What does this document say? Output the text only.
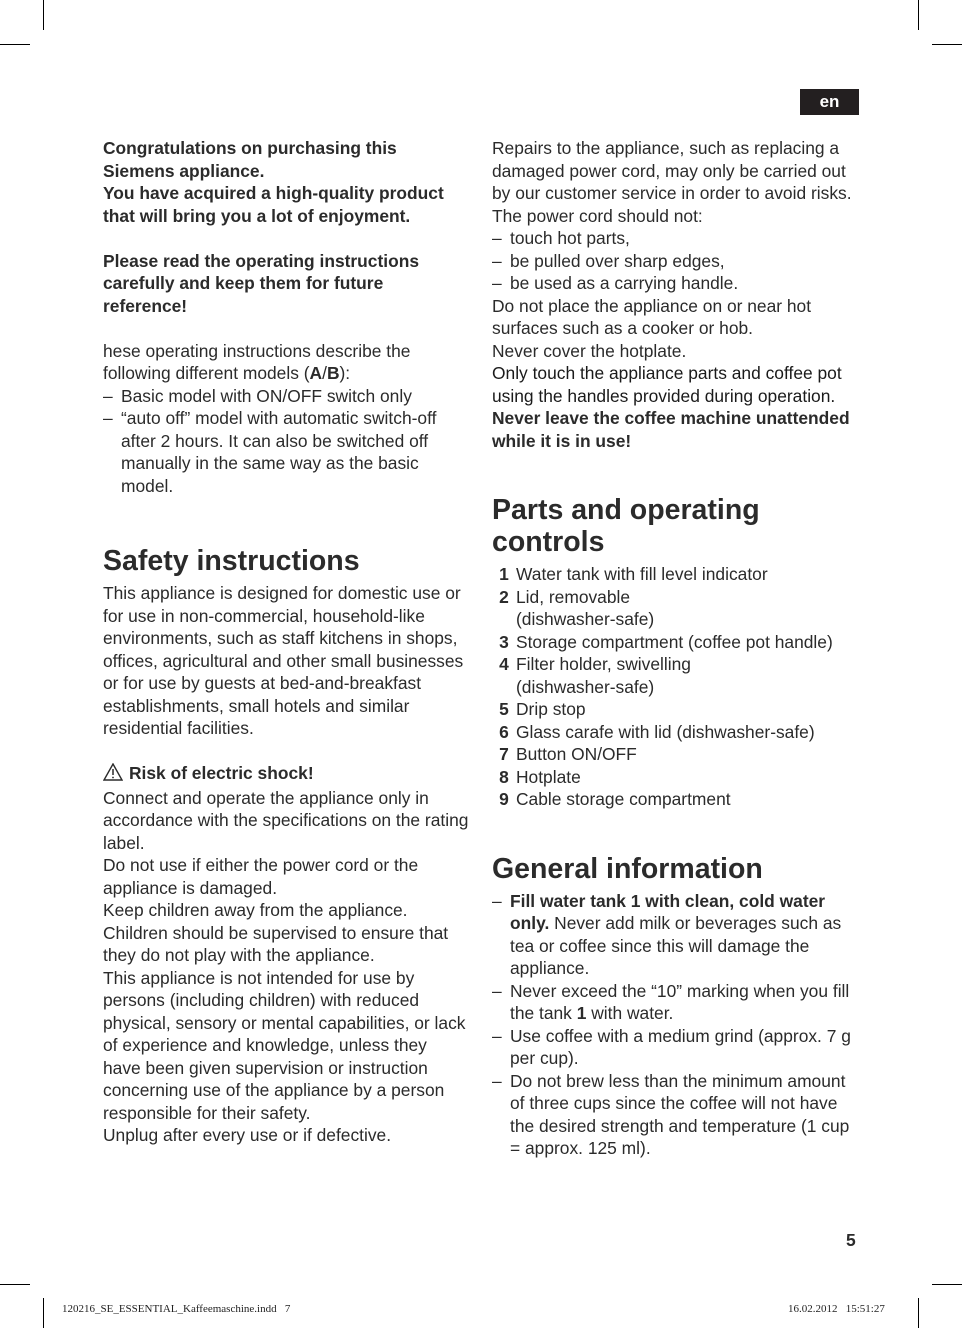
en

Congratulations on purchasing this Siemens appliance.

You have acquired a high-quality product that will bring you a lot of enjoyment.

Please read the operating instructions carefully and keep them for future reference!

hese operating instructions describe the following different models (A/B):

– Basic model with ON/OFF switch only
– “auto off” model with automatic switch-off after 2 hours. It can also be switched off manually in the same way as the basic model.
Safety instructions

This appliance is designed for domestic use or for use in non-commercial, household-like environments, such as staff kitchens in shops, offices, agricultural and other small businesses or for use by guests at bed-and-breakfast establishments, small hotels and similar residential facilities.

Risk of electric shock!

Connect and operate the appliance only in accordance with the specifications on the rating label.

Do not use if either the power cord or the appliance is damaged.

Keep children away from the appliance. Children should be supervised to ensure that they do not play with the appliance.

This appliance is not intended for use by persons (including children) with reduced physical, sensory or mental capabilities, or lack of experience and knowledge, unless they have been given supervision or instruction concerning use of the appliance by a person responsible for their safety.

Unplug after every use or if defective.

Repairs to the appliance, such as replacing a damaged power cord, may only be carried out by our customer service in order to avoid risks.

The power cord should not:

– touch hot parts,
– be pulled over sharp edges,
– be used as a carrying handle.

Do not place the appliance on or near hot surfaces such as a cooker or hob.

Never cover the hotplate.

Only touch the appliance parts and coffee pot using the handles provided during operation.

Never leave the coffee machine unattended while it is in use!

Parts and operating controls
1 Water tank with fill level indicator
2 Lid, removable (dishwasher-safe)
3 Storage compartment (coffee pot handle)
4 Filter holder, swivelling (dishwasher-safe)
5 Drip stop
6 Glass carafe with lid (dishwasher-safe)
7 Button ON/OFF
8 Hotplate
9 Cable storage compartment
General information
– Fill water tank 1 with clean, cold water only. Never add milk or beverages such as tea or coffee since this will damage the appliance.
– Never exceed the “10” marking when you fill the tank 1 with water.
– Use coffee with a medium grind (approx. 7 g per cup).
– Do not brew less than the minimum amount of three cups since the coffee will not have the desired strength and temperature (1 cup = approx. 125 ml).
5
120216_SE_ESSENTIAL_Kaffeemaschine.indd   7	16.02.2012   15:51:27
